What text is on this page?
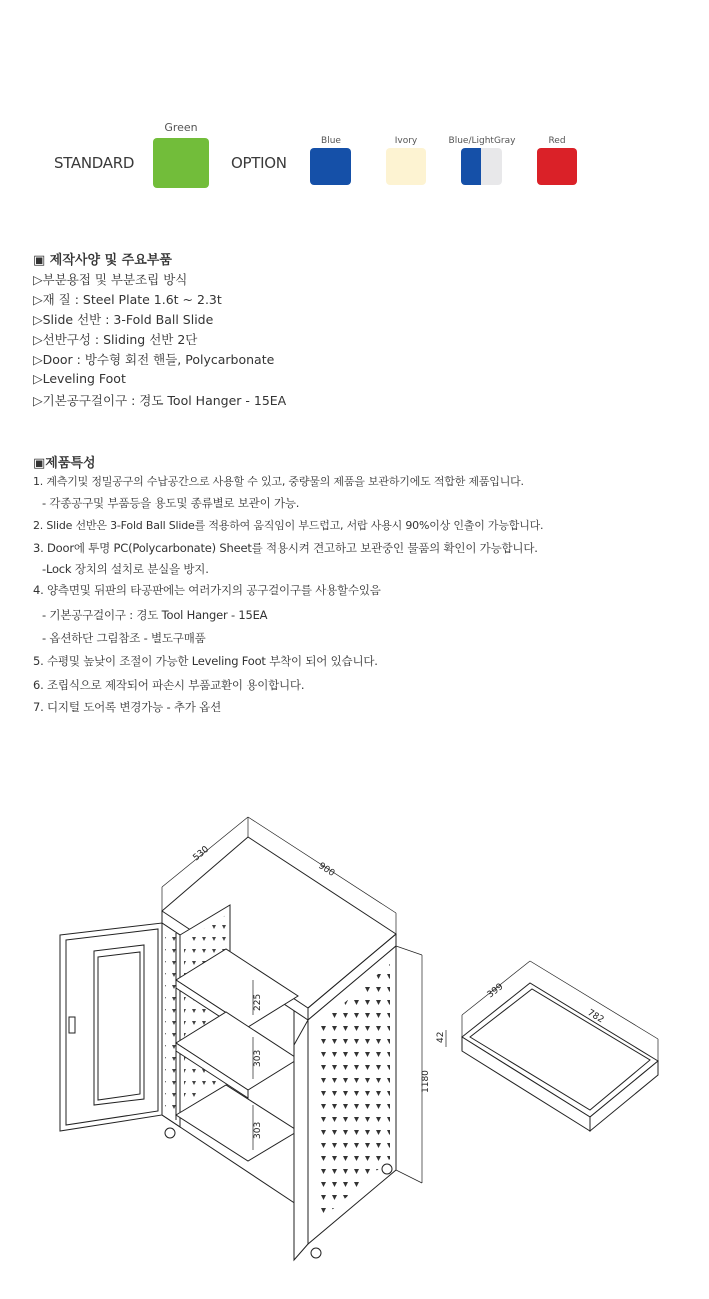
STANDARD
Green
OPTION
Blue	Ivory	Blue/LightGray	Red
▣ 제작사양 및 주요부품
▷부분용접 및 부분조립 방식
▷재 질 : Steel Plate 1.6t ~ 2.3t
▷Slide 선반 : 3-Fold Ball Slide
▷선반구성 : Sliding 선반 2단
▷Door : 방수형 회전 핸들, Polycarbonate
▷Leveling Foot
▷기본공구걸이구 : 경도 Tool Hanger - 15EA
▣제품특성
1. 계측기및 정밀공구의 수납공간으로 사용할 수 있고, 중량물의 제품을 보관하기에도 적합한 제품입니다.
- 각종공구및 부품등을 용도및 종류별로 보관이 가능.
2. Slide 선반은 3-Fold Ball Slide를 적용하여 움직임이 부드럽고, 서랍 사용시 90%이상 인출이 가능합니다.
3. Door에 투명 PC(Polycarbonate) Sheet를 적용시켜 견고하고 보관중인 물품의 확인이 가능합니다.
-Lock 장치의 설치로 분실을 방지.
4. 양측면및 뒤판의 타공판에는 여러가지의 공구걸이구를 사용할수있음
- 기본공구걸이구 : 경도 Tool Hanger - 15EA
- 옵션하단 그림참조 - 별도구매품
5. 수평및 높낮이 조절이 가능한 Leveling Foot 부착이 되어 있습니다.
6. 조립식으로 제작되어 파손시 부품교환이 용이합니다.
7. 디지털 도어록 변경가능 - 추가 옵션
530
900
1180
225
303
303
399
782
42
